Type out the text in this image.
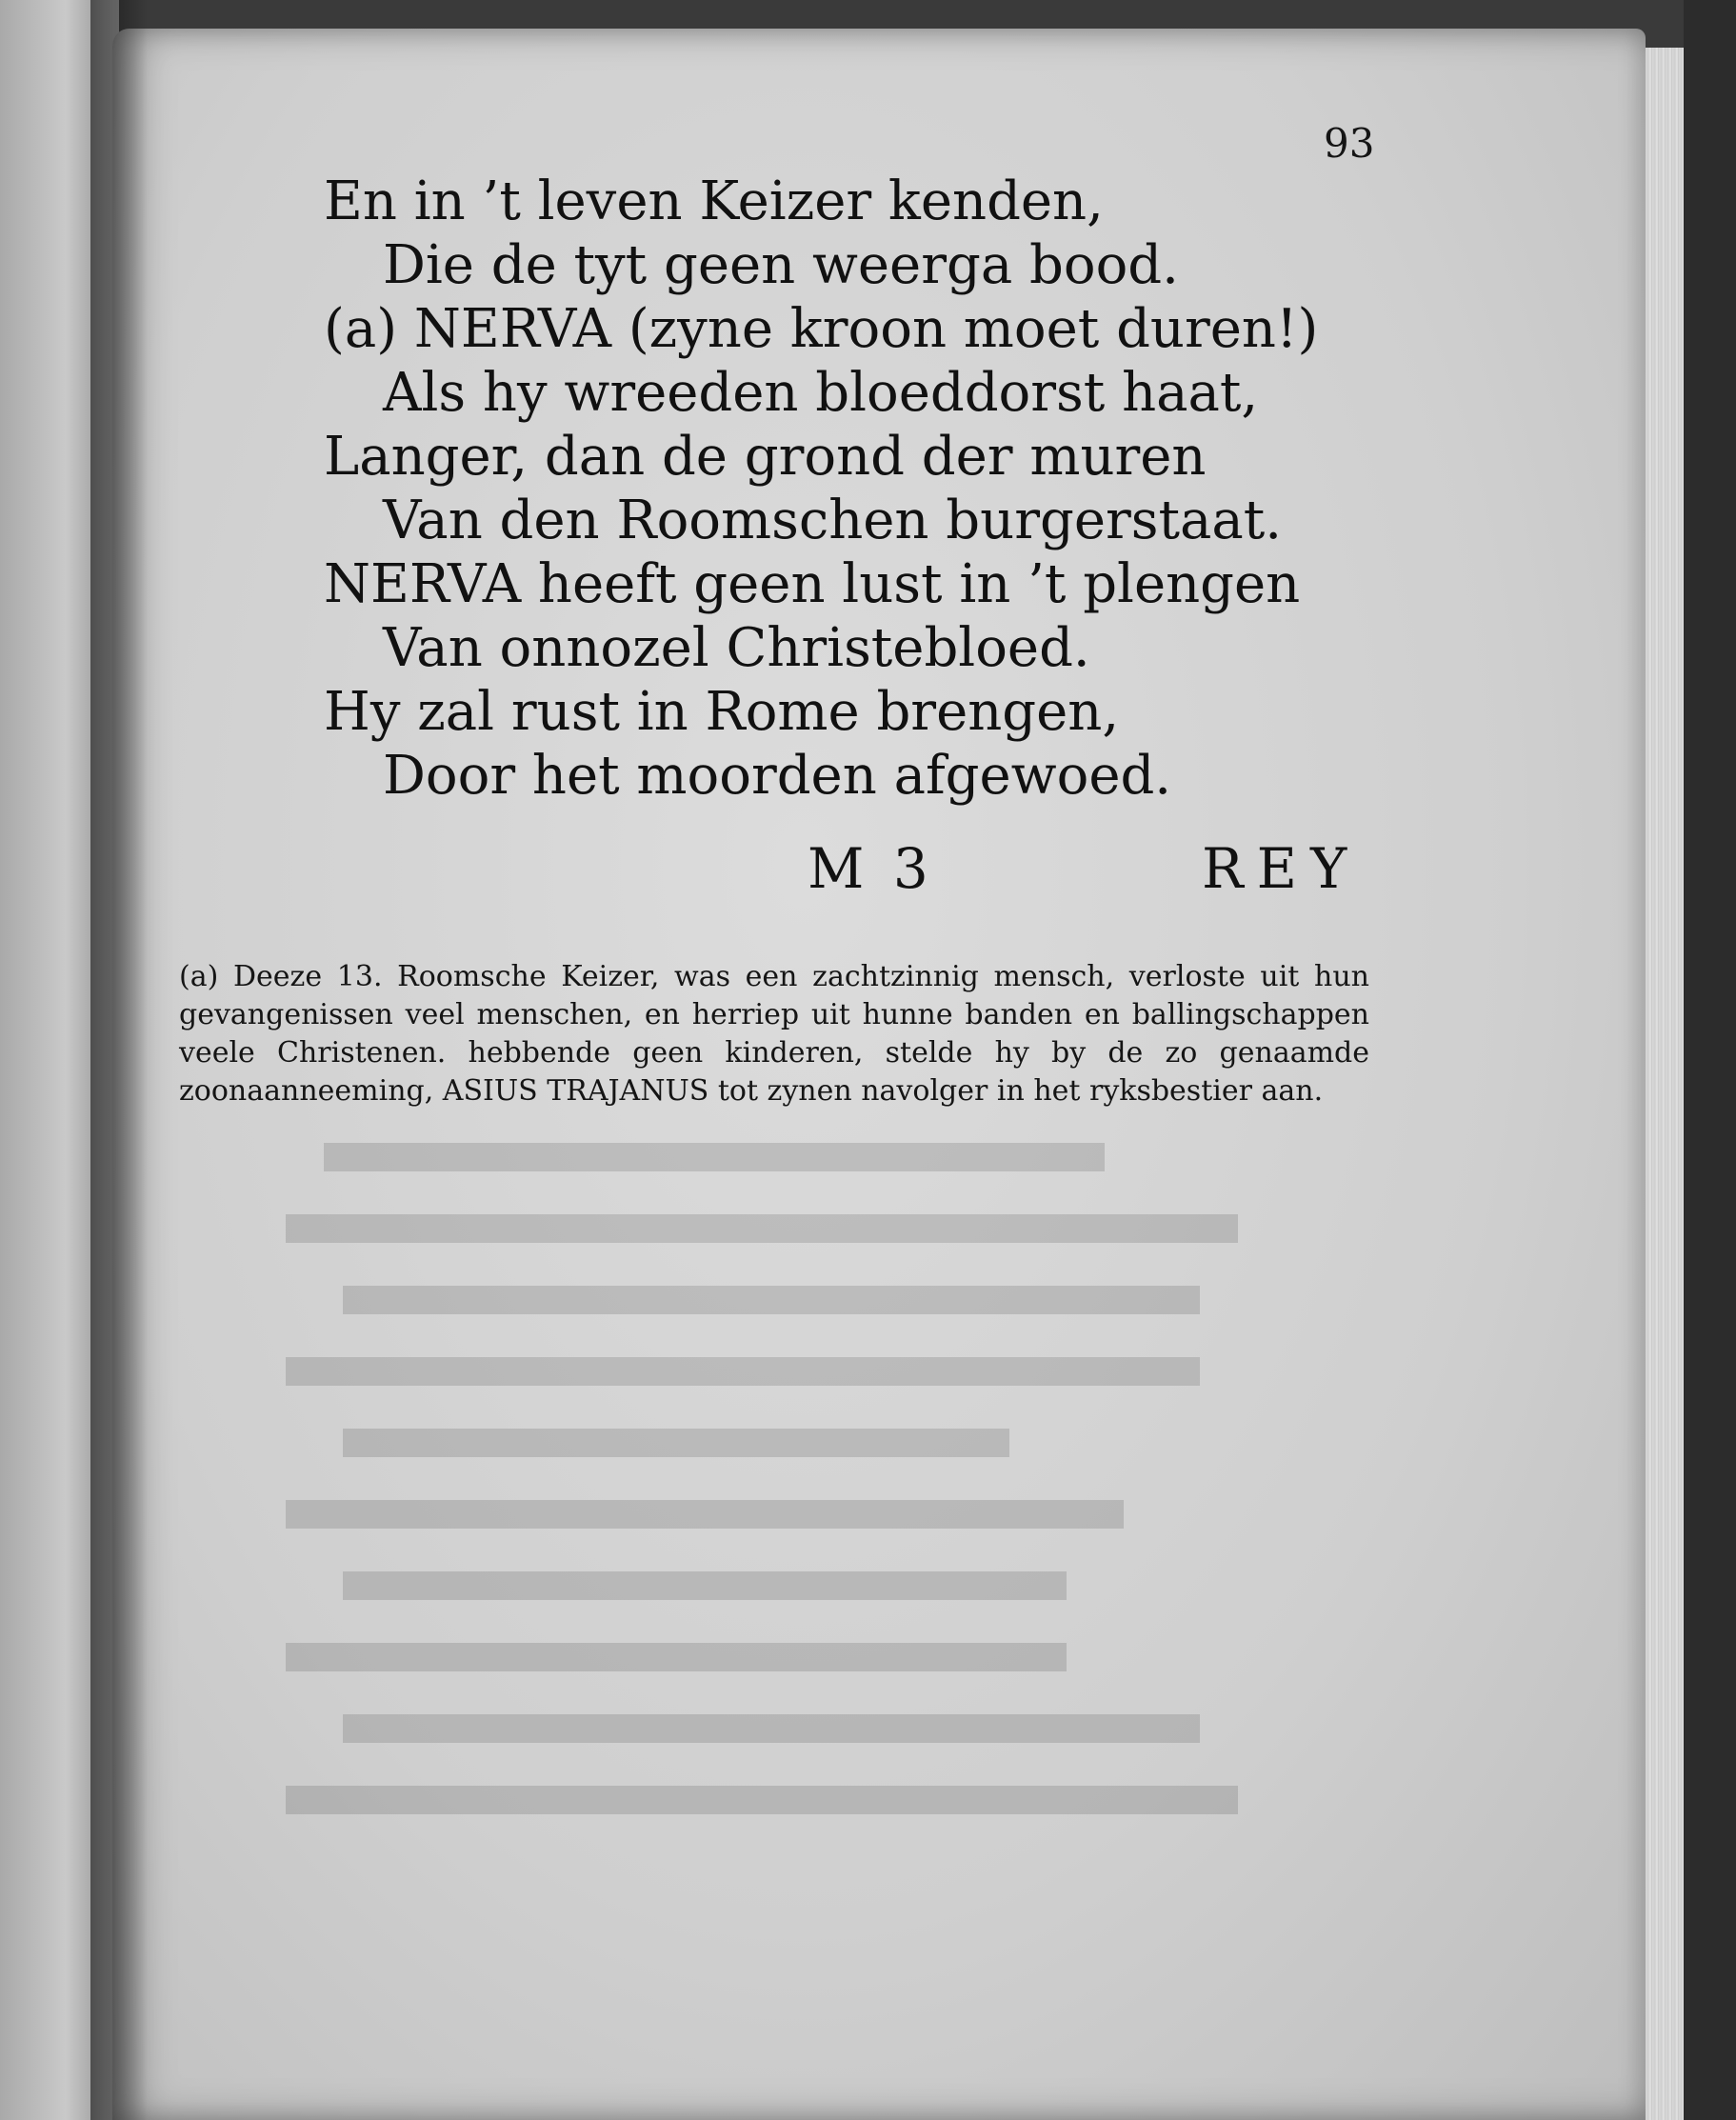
93

En in ’t leven Keizer kenden,
Die de tyt geen weerga bood.
(a) NERVA (zyne kroon moet duren!)
Als hy wreeden bloeddorst haat,
Langer, dan de grond der muren
Van den Roomschen burgerstaat.
NERVA heeft geen lust in ’t plengen
Van onnozel Christebloed.
Hy zal rust in Rome brengen,
Door het moorden afgewoed.
M 3	REY

(a) Deeze 13. Roomsche Keizer, was een zachtzinnig mensch, verloste uit hun gevangenissen veel menschen, en herriep uit hunne banden en ballingschappen veele Christenen. hebbende geen kinderen, stelde hy by de zo genaamde zoonaanneeming, ASIUS TRAJANUS tot zynen navolger in het ryksbestier aan.
